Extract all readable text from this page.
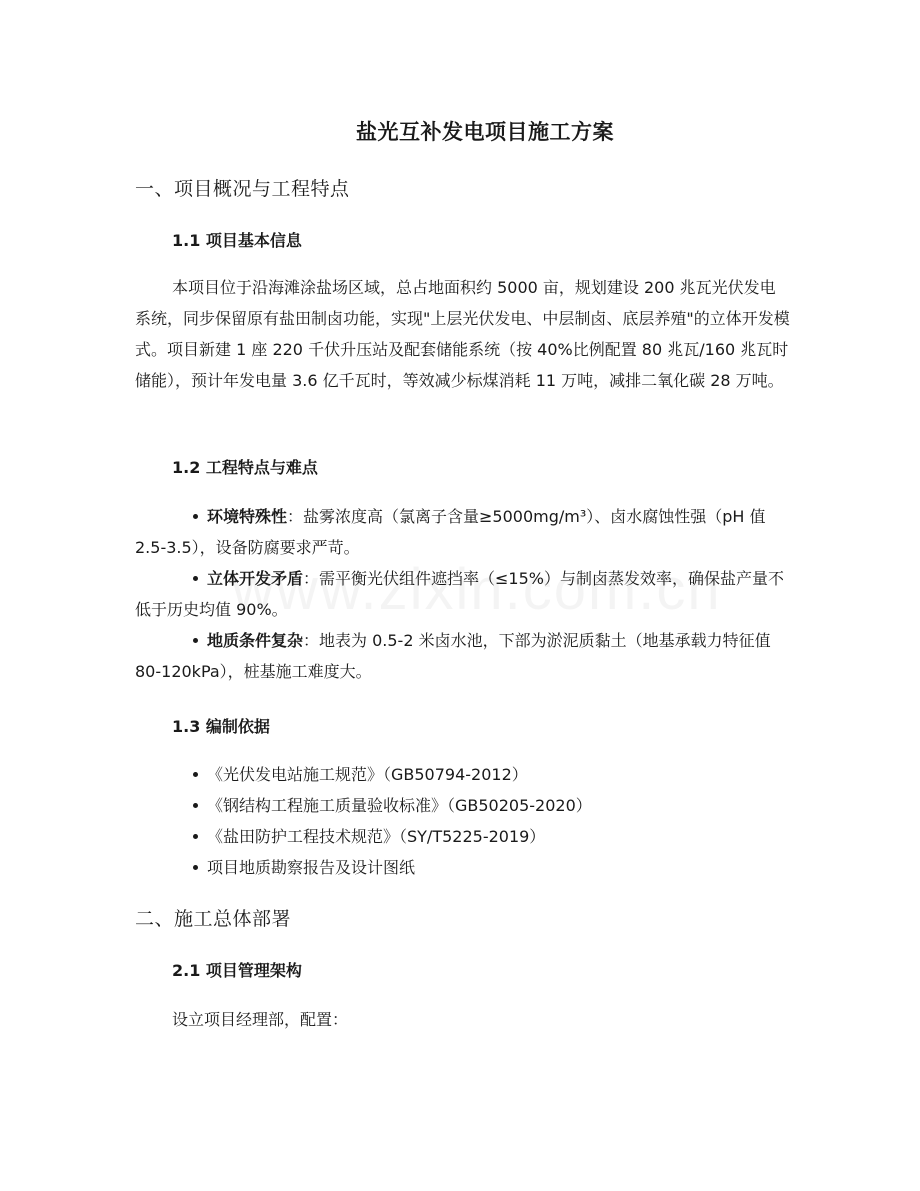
盐光互补发电项目施工方案
一、项目概况与工程特点
1.1 项目基本信息

本项目位于沿海滩涂盐场区域，总占地面积约 5000 亩，规划建设 200 兆瓦光伏发电系统，同步保留原有盐田制卤功能，实现"上层光伏发电、中层制卤、底层养殖"的立体开发模式。项目新建 1 座 220 千伏升压站及配套储能系统（按 40%比例配置 80 兆瓦/160 兆瓦时储能），预计年发电量 3.6 亿千瓦时，等效减少标煤消耗 11 万吨，减排二氧化碳 28 万吨。

1.2 工程特点与难点
环境特殊性：盐雾浓度高（氯离子含量≥5000mg/m³）、卤水腐蚀性强（pH 值 2.5-3.5），设备防腐要求严苛。
立体开发矛盾：需平衡光伏组件遮挡率（≤15%）与制卤蒸发效率，确保盐产量不低于历史均值 90%。
地质条件复杂：地表为 0.5-2 米卤水池，下部为淤泥质黏土（地基承载力特征值 80-120kPa），桩基施工难度大。
1.3 编制依据
《光伏发电站施工规范》（GB50794-2012）
《钢结构工程施工质量验收标准》（GB50205-2020）
《盐田防护工程技术规范》（SY/T5225-2019）
项目地质勘察报告及设计图纸
二、施工总体部署
2.1 项目管理架构

设立项目经理部，配置：
